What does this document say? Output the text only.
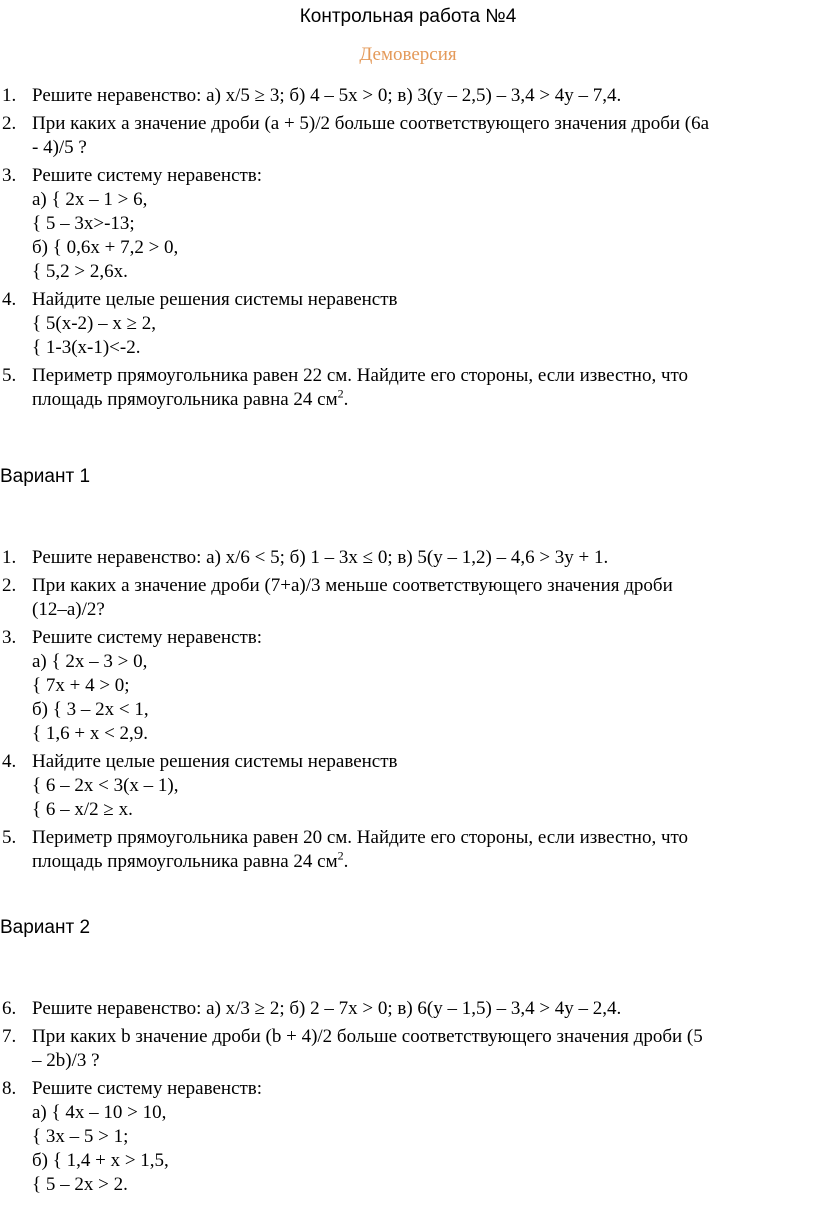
Контрольная работа №4
Демоверсия
1. Решите неравенство: а) x/5 ≥ 3; б) 4 – 5x > 0; в) 3(y – 2,5) – 3,4 > 4y – 7,4.
2. При каких а значение дроби (а + 5)/2 больше соответствующего значения дроби (6а
- 4)/5 ?
3. Решите систему неравенств:
а) { 2x – 1 > 6,
{ 5 – 3x>-13;
б) { 0,6x + 7,2 > 0,
{ 5,2 > 2,6x.
4. Найдите целые решения системы неравенств
{ 5(x-2) – x ≥ 2,
{ 1-3(x-1)<-2.
5. Периметр прямоугольника равен 22 см. Найдите его стороны, если известно, что
площадь прямоугольника равна 24 $см^2$.
Вариант 1
1. Решите неравенство: а) x/6 < 5; б) 1 – 3x ≤ 0; в) 5(y – 1,2) – 4,6 > 3y + 1.
2. При каких а значение дроби (7+а)/3 меньше соответствующего значения дроби
(12–а)/2?
3. Решите систему неравенств:
а) { 2x – 3 > 0,
{ 7x + 4 > 0;
б) { 3 – 2x < 1,
{ 1,6 + x < 2,9.
4. Найдите целые решения системы неравенств
{ 6 – 2x < 3(x – 1),
{ 6 – x/2 ≥ x.
5. Периметр прямоугольника равен 20 см. Найдите его стороны, если известно, что
площадь прямоугольника равна 24 $см^2$.
Вариант 2
6. Решите неравенство: а) x/3 ≥ 2; б) 2 – 7x > 0; в) 6(y – 1,5) – 3,4 > 4y – 2,4.
7. При каких b значение дроби (b + 4)/2 больше соответствующего значения дроби (5
– 2b)/3 ?
8. Решите систему неравенств:
а) { 4x – 10 > 10,
{ 3x – 5 > 1;
б) { 1,4 + x > 1,5,
{ 5 – 2x > 2.
